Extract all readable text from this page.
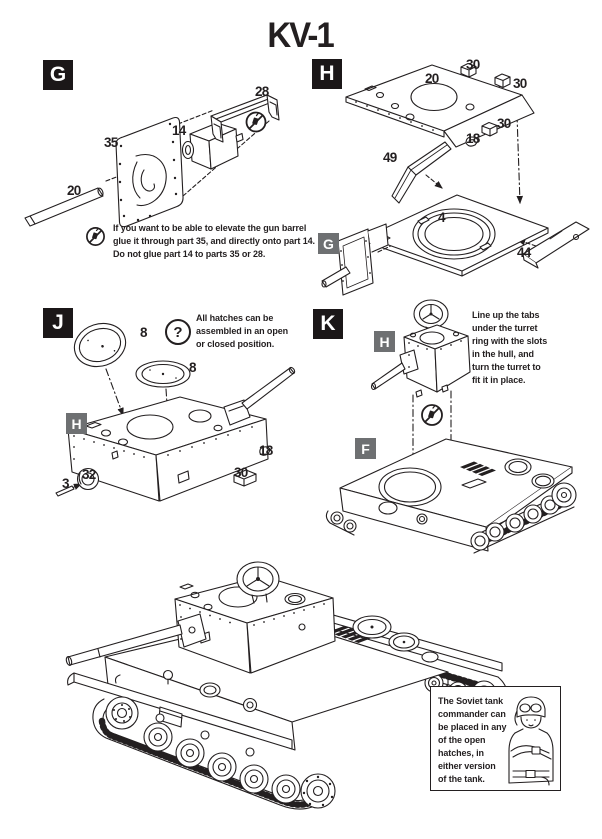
KV-1
G	H
J	K
G
H
H
F
28
14
35
20
20
30
30
30
18
49
4
44
8
8
3
32
18
30
If you want to be able to elevate the gun barrel
glue it through part 35, and directly onto part 14.
Do not glue part 14 to parts 35 or 28.
?
All hatches can be
assembled in an open
or closed position.
Line up the tabs
under the turret
ring with the slots
in the hull, and
turn the turret to
fit it in place.
The Soviet tank
commander can
be placed in any
of the open
hatches, in
either version
of the tank.
